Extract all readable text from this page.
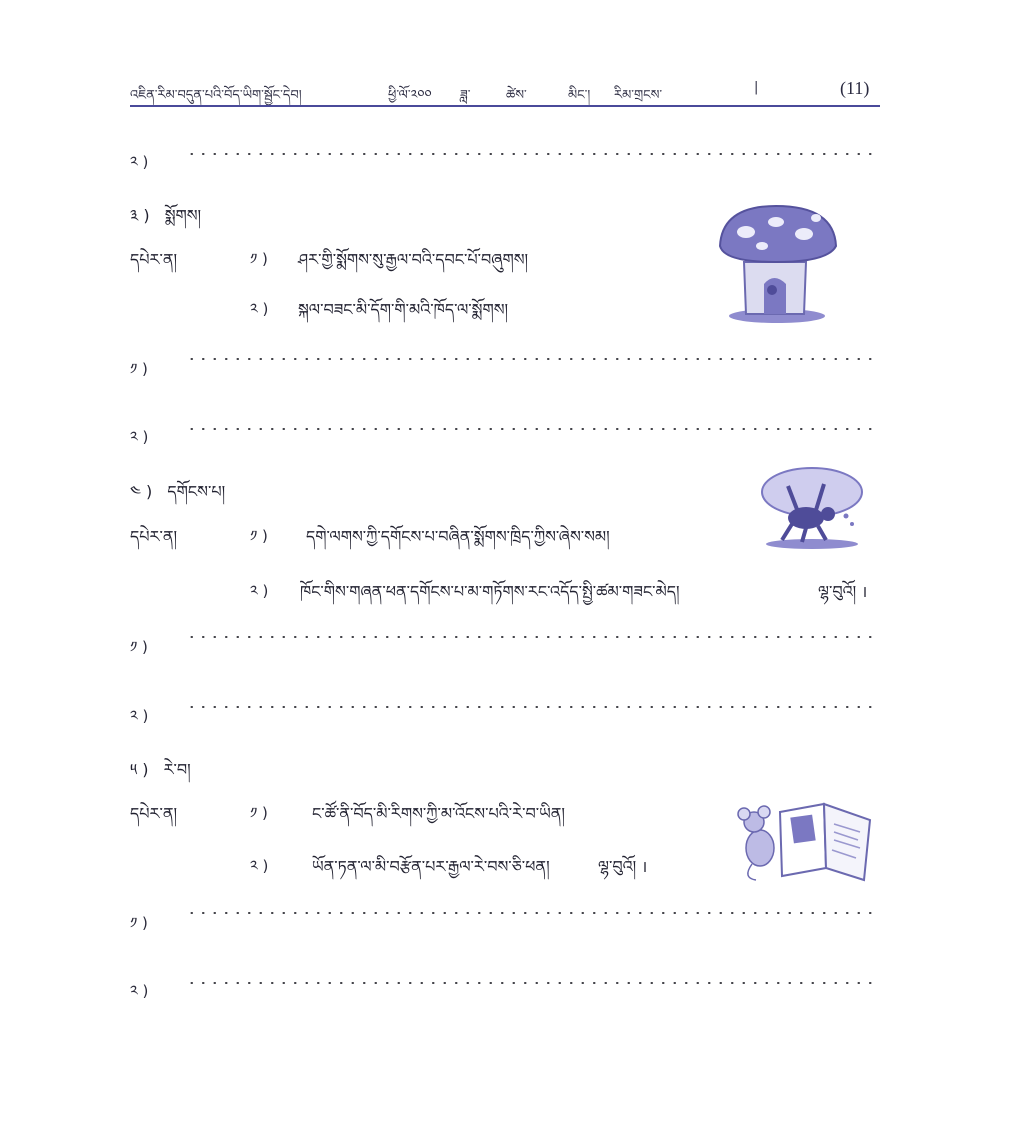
འཇིན་རིམ་བདུན་པའི་བོད་ཡིག་སྦྱོང་དེབ།	ཕྱི་ལོ་༢༠༠ ཟླ་	ཚེས་	མིང་། རིམ་གྲངས་
|	(11)
༢ )
༣ ) སྨོགས།
དཔེར་ན།	༡ ) ཤར་གྱི་སྨོགས་སུ་རྒྱལ་བའི་དབང་པོ་བཞུགས།
༢ ) སྐལ་བཟང་མི་དོག་གི་མའི་ཁོད་ལ་སྨོགས།
༡ )
༢ )
༤ ) དགོངས་པ།
དཔེར་ན།	༡ ) དགེ་ལགས་ཀྱི་དགོངས་པ་བཞིན་སྨོགས་ཁྲིད་ཀྱིས་ཞེས་སམ།
༢ ) ཁོང་གིས་གཞན་ཕན་དགོངས་པ་མ་གཏོགས་རང་འདོད་སྤྱི་ཚམ་གཟང་མེད།	ལྷ་བུའོ། ।
༡ )
༢ )
༥ ) རེ་བ།
དཔེར་ན།	༡ )	ང་ཚོ་ནི་བོད་མི་རིགས་ཀྱི་མ་འོངས་པའི་རེ་བ་ཡིན།
༢ )	ཡོན་ཏན་ལ་མི་བརྩོན་པར་རྒྱལ་རེ་བས་ཅི་ཕན།	ལྷ་བུའོ། ।
༡ )
༢ )
